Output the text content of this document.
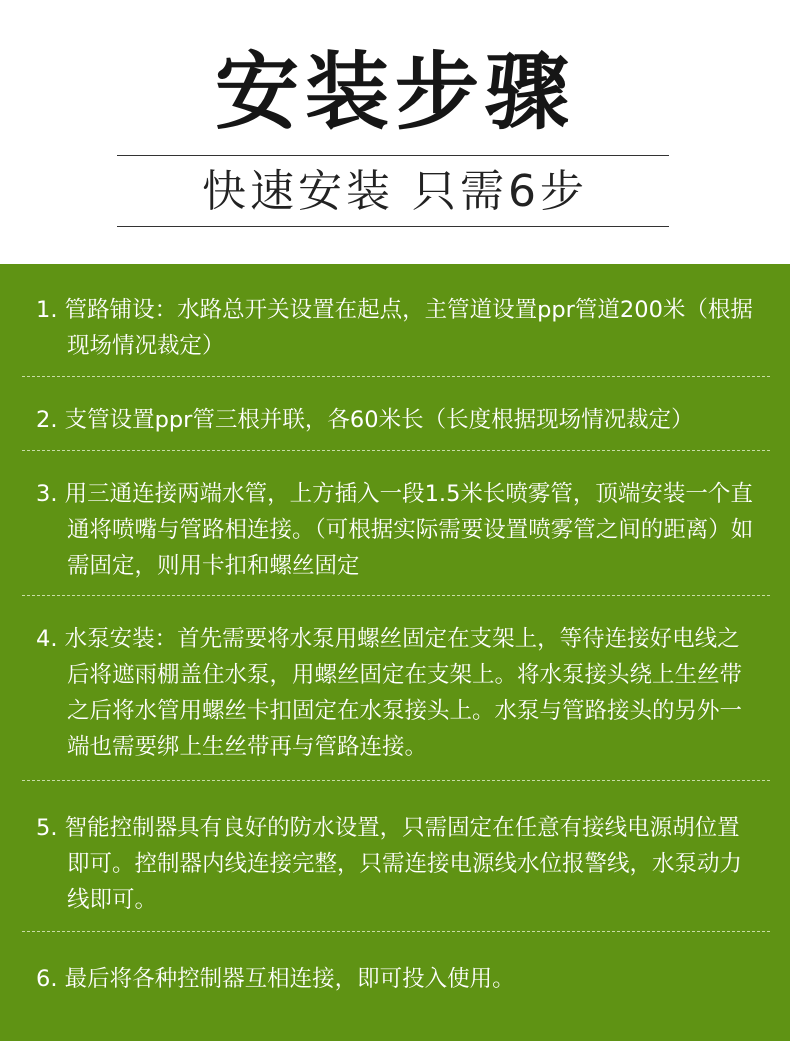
安装步骤
快速安装 只需6步
1. 管路铺设：水路总开关设置在起点，主管道设置ppr管道200米（根据现场情况裁定）
2. 支管设置ppr管三根并联，各60米长（长度根据现场情况裁定）
3. 用三通连接两端水管，上方插入一段1.5米长喷雾管，顶端安装一个直通将喷嘴与管路相连接。（可根据实际需要设置喷雾管之间的距离）如需固定，则用卡扣和螺丝固定
4. 水泵安装：首先需要将水泵用螺丝固定在支架上，等待连接好电线之后将遮雨棚盖住水泵，用螺丝固定在支架上。将水泵接头绕上生丝带之后将水管用螺丝卡扣固定在水泵接头上。水泵与管路接头的另外一端也需要绑上生丝带再与管路连接。
5. 智能控制器具有良好的防水设置，只需固定在任意有接线电源胡位置即可。控制器内线连接完整，只需连接电源线水位报警线，水泵动力线即可。
6. 最后将各种控制器互相连接，即可投入使用。
